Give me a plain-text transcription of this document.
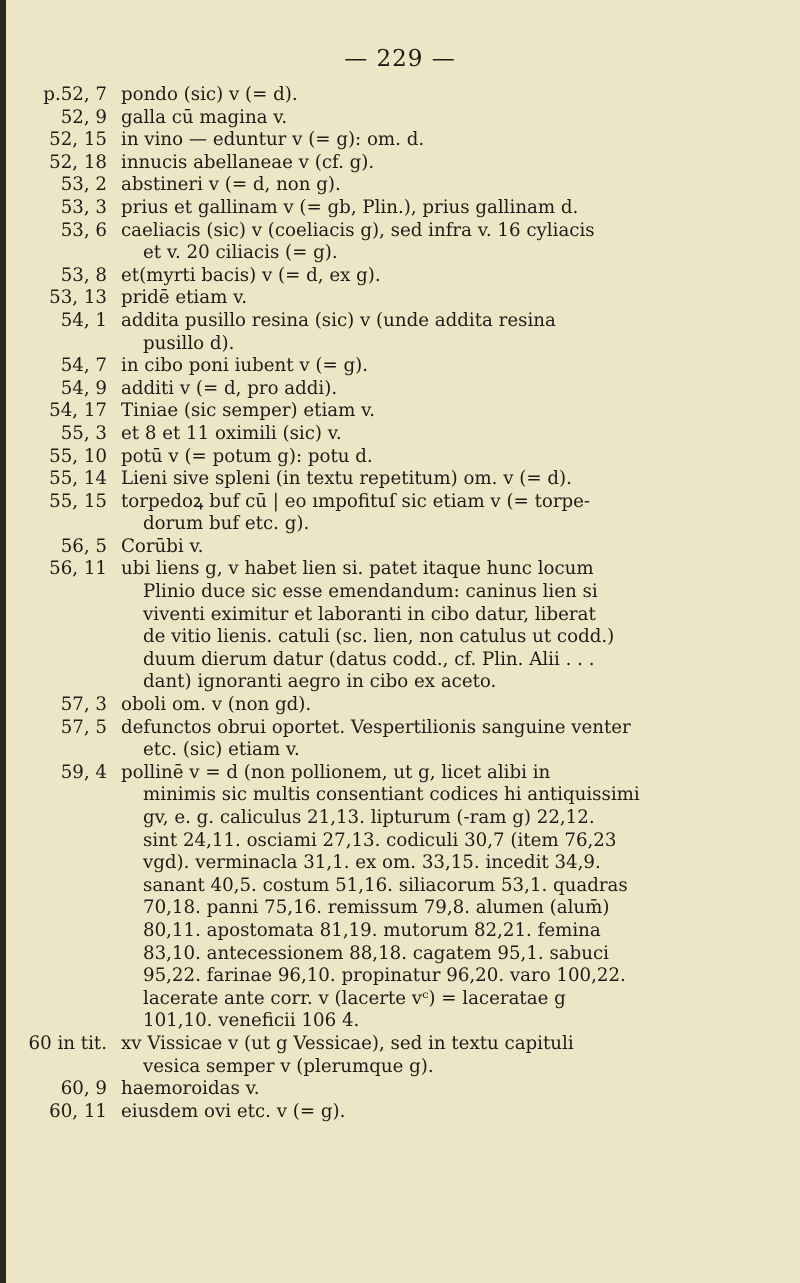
— 229 —
p.52, 7 pondo (sic) v (= d).
52, 9 galla cū magina v.
52, 15 in vino — eduntur v (= g): om. d.
52, 18 innucis abellaneae v (cf. g).
53, 2 abstineri v (= d, non g).
53, 3 prius et gallinam v (= gb, Plin.), prius gallinam d.
53, 6 caeliacis (sic) v (coeliacis g), sed infra v. 16 cyliacis
et v. 20 ciliacis (= g).
53, 8 et(myrti bacis) v (= d, ex g).
53, 13 pridē etiam v.
54, 1 addita pusillo resina (sic) v (unde addita resina
pusillo d).
54, 7 in cibo poni iubent v (= g).
54, 9 additi v (= d, pro addi).
54, 17 Tiniae (sic semper) etiam v.
55, 3 et 8 et 11 oximili (sic) v.
55, 10 potū v (= potum g): potu d.
55, 14 Lieni sive spleni (in textu repetitum) om. v (= d).
55, 15 torpedoꝝ buf cū | eo ımpofituſ sic etiam v (= torpe-
dorum buf etc. g).
56, 5 Corūbi v.
56, 11 ubi liens g, v habet lien si. patet itaque hunc locum
Plinio duce sic esse emendandum: caninus lien si
viventi eximitur et laboranti in cibo datur, liberat
de vitio lienis. catuli (sc. lien, non catulus ut codd.)
duum dierum datur (datus codd., cf. Plin. Alii . . .
dant) ignoranti aegro in cibo ex aceto.
57, 3 oboli om. v (non gd).
57, 5 defunctos obrui oportet. Vespertilionis sanguine venter
etc. (sic) etiam v.
59, 4 pollinē v = d (non pollionem, ut g, licet alibi in
minimis sic multis consentiant codices hi antiquissimi
gv, e. g. caliculus 21,13. lipturum (-ram g) 22,12.
sint 24,11. osciami 27,13. codiculi 30,7 (item 76,23
vgd). verminacla 31,1. ex om. 33,15. incedit 34,9.
sanant 40,5. costum 51,16. siliacorum 53,1. quadras
70,18. panni 75,16. remissum 79,8. alumen (alum̄)
80,11. apostomata 81,19. mutorum 82,21. femina
83,10. antecessionem 88,18. cagatem 95,1. sabuci
95,22. farinae 96,10. propinatur 96,20. varo 100,22.
lacerate ante corr. v (lacerte vᶜ) = laceratae g
101,10. veneficii 106 4.
60 in tit. xv Vissicae v (ut g Vessicae), sed in textu capituli
vesica semper v (plerumque g).
60, 9 haemoroidas v.
60, 11 eiusdem ovi etc. v (= g).
